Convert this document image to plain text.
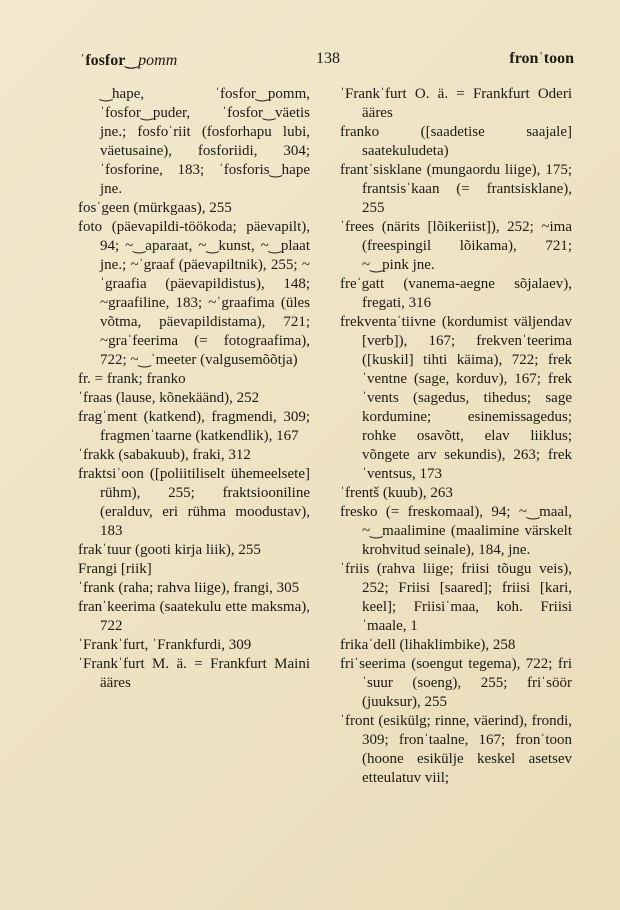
ˈfosfor‿pomm	138	fronˈtoon
‿hape, ˈfosfor‿pomm, ˈfosfor‿puder, ˈfosfor‿väetis jne.; fosfoˈriit (fosforhapu lubi, väetusaine), fosforiidi, 304; ˈfosforine, 183; ˈfosforis‿hape jne.
fosˈgeen (mürkgaas), 255
foto (päevapildi-töökoda; päevapilt), 94; ~‿aparaat, ~‿kunst, ~‿plaat jne.; ~ˈgraaf (päevapiltnik), 255; ~ˈgraafia (päevapildistus), 148; ~graafiline, 183; ~ˈgraafima (üles võtma, päevapildistama), 721; ~graˈfeerima (= fotograafima), 722; ~‿ˈmeeter (valgusemõõtja)
fr. = frank; franko
ˈfraas (lause, kõnekäänd), 252
fragˈment (katkend), fragmendi, 309; fragmenˈtaarne (katkendlik), 167
ˈfrakk (sabakuub), fraki, 312
fraktsiˈoon ([poliitiliselt ühemeelsete] rühm), 255; fraktsiooniline (eralduv, eri rühma moodustav), 183
frakˈtuur (gooti kirja liik), 255
Frangi [riik]
ˈfrank (raha; rahva liige), frangi, 305
franˈkeerima (saatekulu ette maksma), 722
ˈFrankˈfurt, ˈFrankfurdi, 309
ˈFrankˈfurt M. ä. = Frankfurt Maini ääres
ˈFrankˈfurt O. ä. = Frankfurt Oderi ääres
franko ([saadetise saajale] saatekuludeta)
frantˈsisklane (mungaordu liige), 175; frantsisˈkaan (= frantsisklane), 255
ˈfrees (närits [lõikeriist]), 252; ~ima (freespingil lõikama), 721; ~‿pink jne.
freˈgatt (vanema-aegne sõjalaev), fregati, 316
frekventaˈtiivne (kordumist väljendav [verb]), 167; frekvenˈteerima ([kuskil] tihti käima), 722; frekˈventne (sage, korduv), 167; frekˈvents (sagedus, tihedus; sage kordumine; esinemissagedus; rohke osavõtt, elav liiklus; võngete arv sekundis), 263; frekˈventsus, 173
ˈfrentš (kuub), 263
fresko (= freskomaal), 94; ~‿maal, ~‿maalimine (maalimine värskelt krohvitud seinale), 184, jne.
ˈfriis (rahva liige; friisi tõugu veis), 252; Friisi [saared]; friisi [kari, keel]; Friisiˈmaa, koh. Friisiˈmaale, 1
frikaˈdell (lihaklimbike), 258
friˈseerima (soengut tegema), 722; friˈsuur (soeng), 255; friˈsöör (juuksur), 255
ˈfront (esikülg; rinne, väerind), frondi, 309; fronˈtaalne, 167; fronˈtoon (hoone esikülje keskel asetsev etteulatuv viil;
